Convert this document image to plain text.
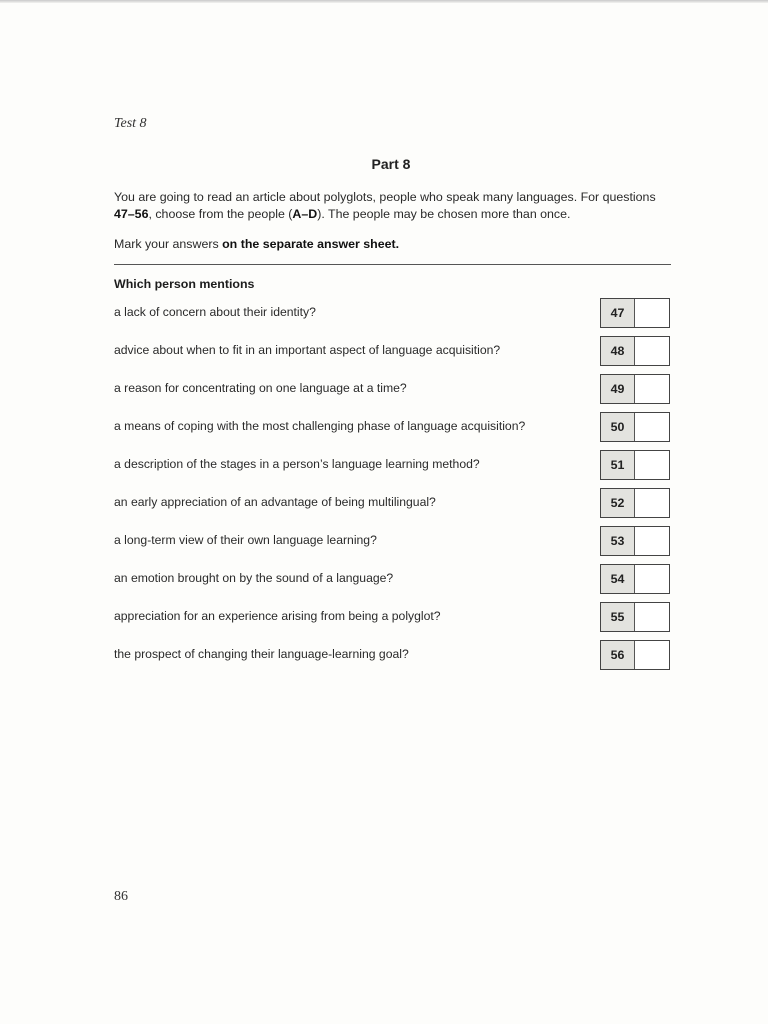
Test 8
Part 8
You are going to read an article about polyglots, people who speak many languages. For questions 47–56, choose from the people (A–D). The people may be chosen more than once.
Mark your answers on the separate answer sheet.
Which person mentions
a lack of concern about their identity?	47
advice about when to fit in an important aspect of language acquisition?	48
a reason for concentrating on one language at a time?	49
a means of coping with the most challenging phase of language acquisition?	50
a description of the stages in a person’s language learning method?	51
an early appreciation of an advantage of being multilingual?	52
a long-term view of their own language learning?	53
an emotion brought on by the sound of a language?	54
appreciation for an experience arising from being a polyglot?	55
the prospect of changing their language-learning goal?	56
86
